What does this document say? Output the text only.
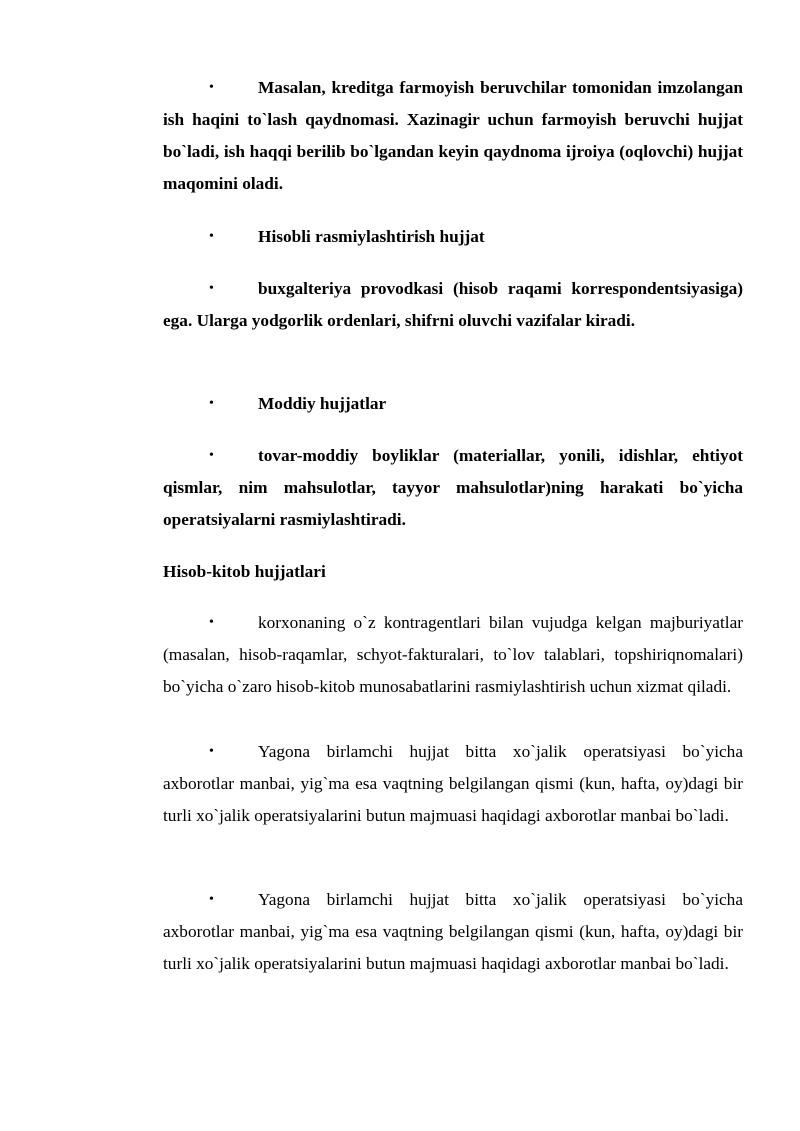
•	Masalan, kreditga farmoyish beruvchilar tomonidan imzolangan ish haqini to`lash qaydnomasi. Xazinagir uchun farmoyish beruvchi hujjat bo`ladi, ish haqqi berilib bo`lgandan keyin qaydnoma ijroiya (oqlovchi) hujjat maqomini oladi.
•	Hisobli rasmiylashtirish hujjat
•	buxgalteriya provodkasi (hisob raqami korrespondentsiyasiga) ega. Ularga yodgorlik ordenlari, shifrni oluvchi vazifalar kiradi.
•	Moddiy hujjatlar
•	tovar-moddiy boyliklar (materiallar, yonili, idishlar, ehtiyot qismlar, nim mahsulotlar, tayyor mahsulotlar)ning harakati bo`yicha operatsiyalarni rasmiylashtiradi.
Hisob-kitob hujjatlari
•	korxonaning o`z kontragentlari bilan vujudga kelgan majburiyatlar (masalan, hisob-raqamlar, schyot-fakturalari, to`lov talablari, topshiriqnomalari) bo`yicha o`zaro hisob-kitob munosabatlarini rasmiylashtirish uchun xizmat qiladi.
•	Yagona birlamchi hujjat bitta xo`jalik operatsiyasi bo`yicha axborotlar manbai, yig`ma esa vaqtning belgilangan qismi (kun, hafta, oy)dagi bir turli xo`jalik operatsiyalarini butun majmuasi haqidagi axborotlar manbai bo`ladi.
•	Yagona birlamchi hujjat bitta xo`jalik operatsiyasi bo`yicha axborotlar manbai, yig`ma esa vaqtning belgilangan qismi (kun, hafta, oy)dagi bir turli xo`jalik operatsiyalarini butun majmuasi haqidagi axborotlar manbai bo`ladi.
